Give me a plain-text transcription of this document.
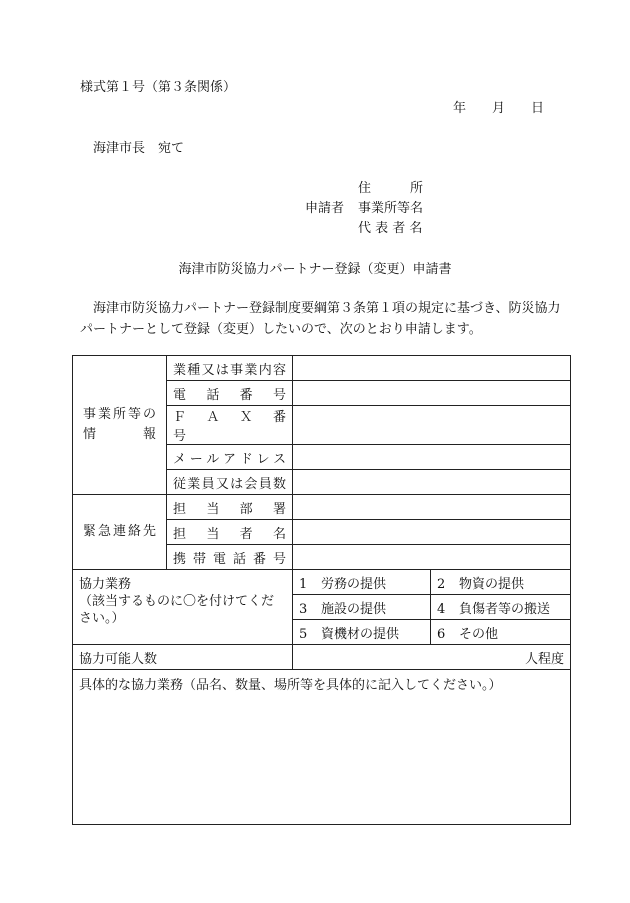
様式第１号（第３条関係）
年 月 日
海津市長　宛て
住　　　所
申請者 事業所等名
代 表 者 名
海津市防災協力パートナー登録（変更）申請書
海津市防災協力パートナー登録制度要綱第３条第１項の規定に基づき、防災協力パートナーとして登録（変更）したいので、次のとおり申請します。
事業所等の
情　　報	業種又は事業内容		
	電　話　番　号		
	Ｆ　Ａ　Ｘ　番　号		
	メールアドレス		
	従業員又は会員数		
緊急連絡先	担　当　部　署		
	担　当　者　名		
	携 帯 電 話 番 号		

協力業務
（該当するものに〇を付けてください。）		1 労務の提供	2 物資の提供
		3 施設の提供	4 負傷者等の搬送
		5 資機材の提供	6 その他
協力可能人数		人程度	
具体的な協力業務（品名、数量、場所等を具体的に記入してください。）			
